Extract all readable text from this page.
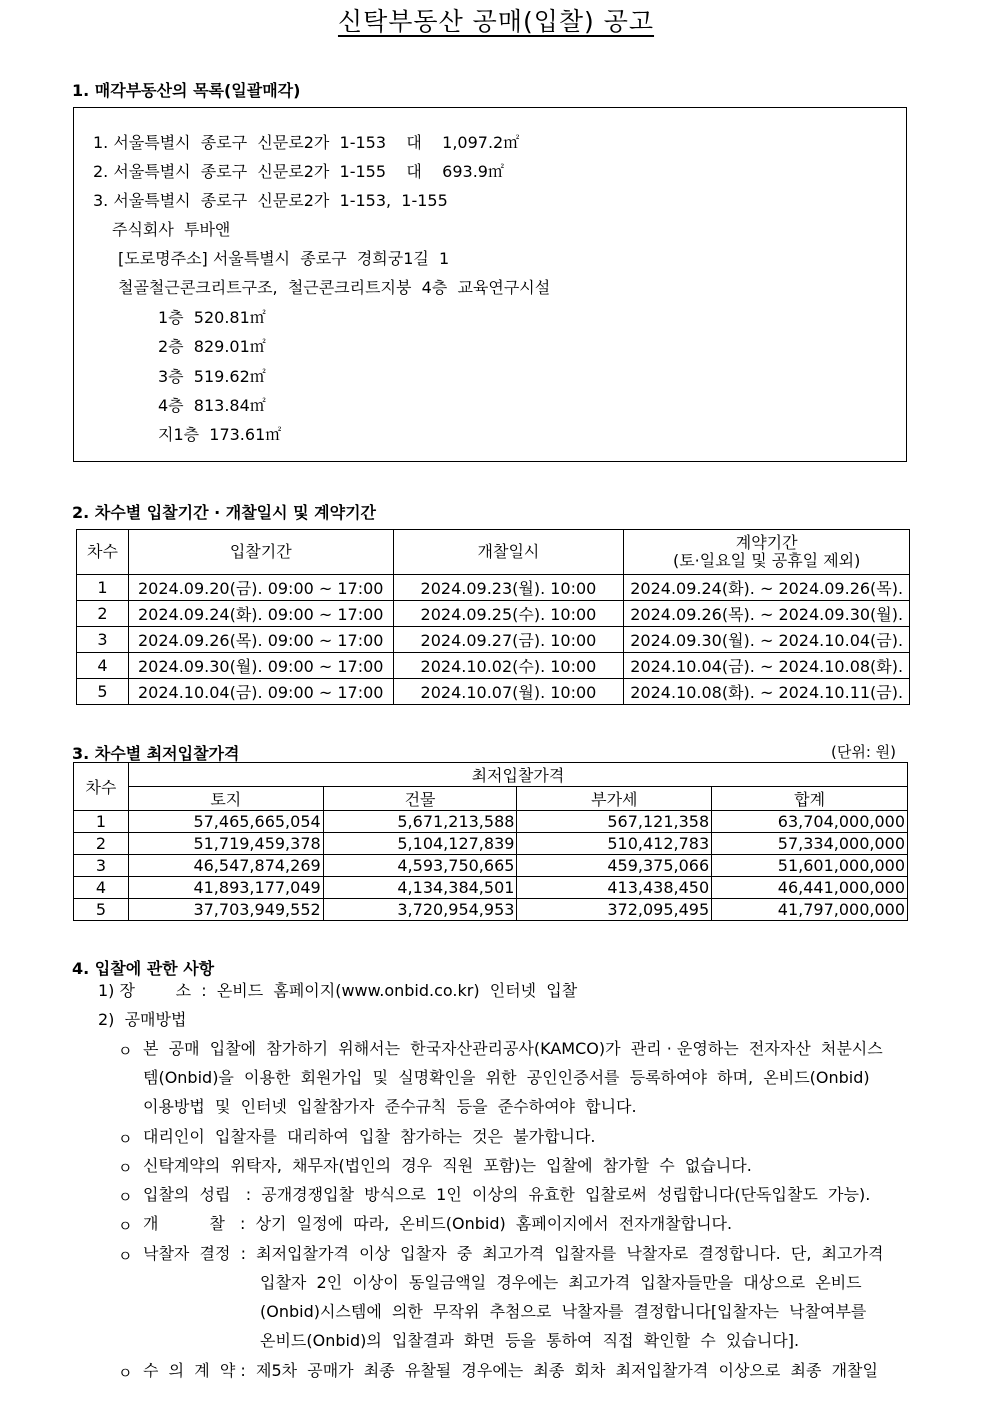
신탁부동산 공매(입찰) 공고
1. 매각부동산의 목록(일괄매각)
1. 서울특별시  종로구  신문로2가  1-153    대    1,097.2㎡
2. 서울특별시  종로구  신문로2가  1-155    대    693.9㎡
3. 서울특별시  종로구  신문로2가  1-153,  1-155
주식회사  투바앤
[도로명주소] 서울특별시  종로구  경희궁1길  1
철골철근콘크리트구조,  철근콘크리트지붕  4층  교육연구시설
1층  520.81㎡
2층  829.01㎡
3층  519.62㎡
4층  813.84㎡
지1층  173.61㎡
2. 차수별 입찰기간 · 개찰일시 및 계약기간
차수	입찰기간	개찰일시	계약기간
(토·일요일 및 공휴일 제외)

1	2024.09.20(금). 09:00 ~ 17:00	2024.09.23(월). 10:00	2024.09.24(화). ~ 2024.09.26(목).
2	2024.09.24(화). 09:00 ~ 17:00	2024.09.25(수). 10:00	2024.09.26(목). ~ 2024.09.30(월).
3	2024.09.26(목). 09:00 ~ 17:00	2024.09.27(금). 10:00	2024.09.30(월). ~ 2024.10.04(금).
4	2024.09.30(월). 09:00 ~ 17:00	2024.10.02(수). 10:00	2024.10.04(금). ~ 2024.10.08(화).
5	2024.10.04(금). 09:00 ~ 17:00	2024.10.07(월). 10:00	2024.10.08(화). ~ 2024.10.11(금).
3. 차수별 최저입찰가격	(단위: 원)
차수	최저입찰가격			
	토지	건물	부가세	합계
1	57,465,665,054	5,671,213,588	567,121,358	63,704,000,000
2	51,719,459,378	5,104,127,839	510,412,783	57,334,000,000
3	46,547,874,269	4,593,750,665	459,375,066	51,601,000,000
4	41,893,177,049	4,134,384,501	413,438,450	46,441,000,000
5	37,703,949,552	3,720,954,953	372,095,495	41,797,000,000
4. 입찰에 관한 사항
1) 장        소  :  온비드  홈페이지(www.onbid.co.kr)  인터넷  입찰
2)  공매방법
ㅇ 본  공매  입찰에  참가하기  위해서는  한국자산관리공사(KAMCO)가  관리 · 운영하는  전자자산  처분시스
템(Onbid)을  이용한  회원가입  및  실명확인을  위한  공인인증서를  등록하여야  하며,  온비드(Onbid)
이용방법  및  인터넷  입찰참가자  준수규칙  등을  준수하여야  합니다.
ㅇ 대리인이  입찰자를  대리하여  입찰  참가하는  것은  불가합니다.
ㅇ 신탁계약의  위탁자,  채무자(법인의  경우  직원  포함)는  입찰에  참가할  수  없습니다.
ㅇ 입찰의  성립   :  공개경쟁입찰  방식으로  1인  이상의  유효한  입찰로써  성립합니다(단독입찰도  가능).
ㅇ 개          찰   :  상기  일정에  따라,  온비드(Onbid)  홈페이지에서  전자개찰합니다.
ㅇ 낙찰자  결정  :  최저입찰가격  이상  입찰자  중  최고가격  입찰자를  낙찰자로  결정합니다.  단,  최고가격
입찰자  2인  이상이  동일금액일  경우에는  최고가격  입찰자들만을  대상으로  온비드
(Onbid)시스템에  의한  무작위  추첨으로  낙찰자를  결정합니다[입찰자는  낙찰여부를
온비드(Onbid)의  입찰결과  화면  등을  통하여  직접  확인할  수  있습니다].
ㅇ 수  의  계  약 :  제5차  공매가  최종  유찰될  경우에는  최종  회차  최저입찰가격  이상으로  최종  개찰일
